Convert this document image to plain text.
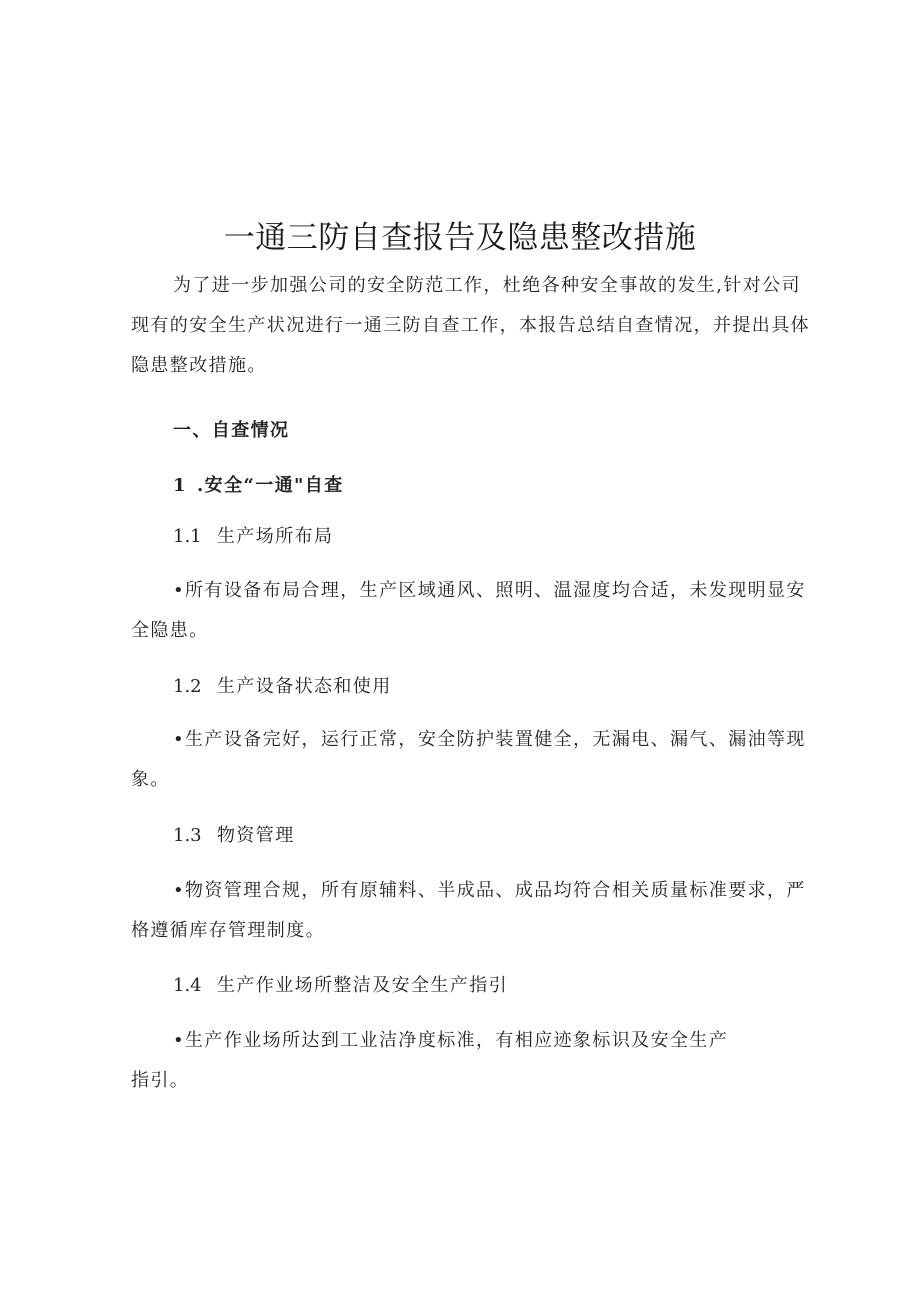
一通三防自查报告及隐患整改措施
为了进一步加强公司的安全防范工作，杜绝各种安全事故的发生,针对公司
现有的安全生产状况进行一通三防自查工作，本报告总结自查情况，并提出具体
隐患整改措施。
一、自查情况
1 .安全“一通"自查
1.1 生产场所布局
•所有设备布局合理，生产区域通风、照明、温湿度均合适，未发现明显安
全隐患。
1.2 生产设备状态和使用
•生产设备完好，运行正常，安全防护装置健全，无漏电、漏气、漏油等现
象。
1.3 物资管理
•物资管理合规，所有原辅料、半成品、成品均符合相关质量标准要求，严
格遵循库存管理制度。
1.4 生产作业场所整洁及安全生产指引
•生产作业场所达到工业洁净度标准，有相应迹象标识及安全生产
指引。
